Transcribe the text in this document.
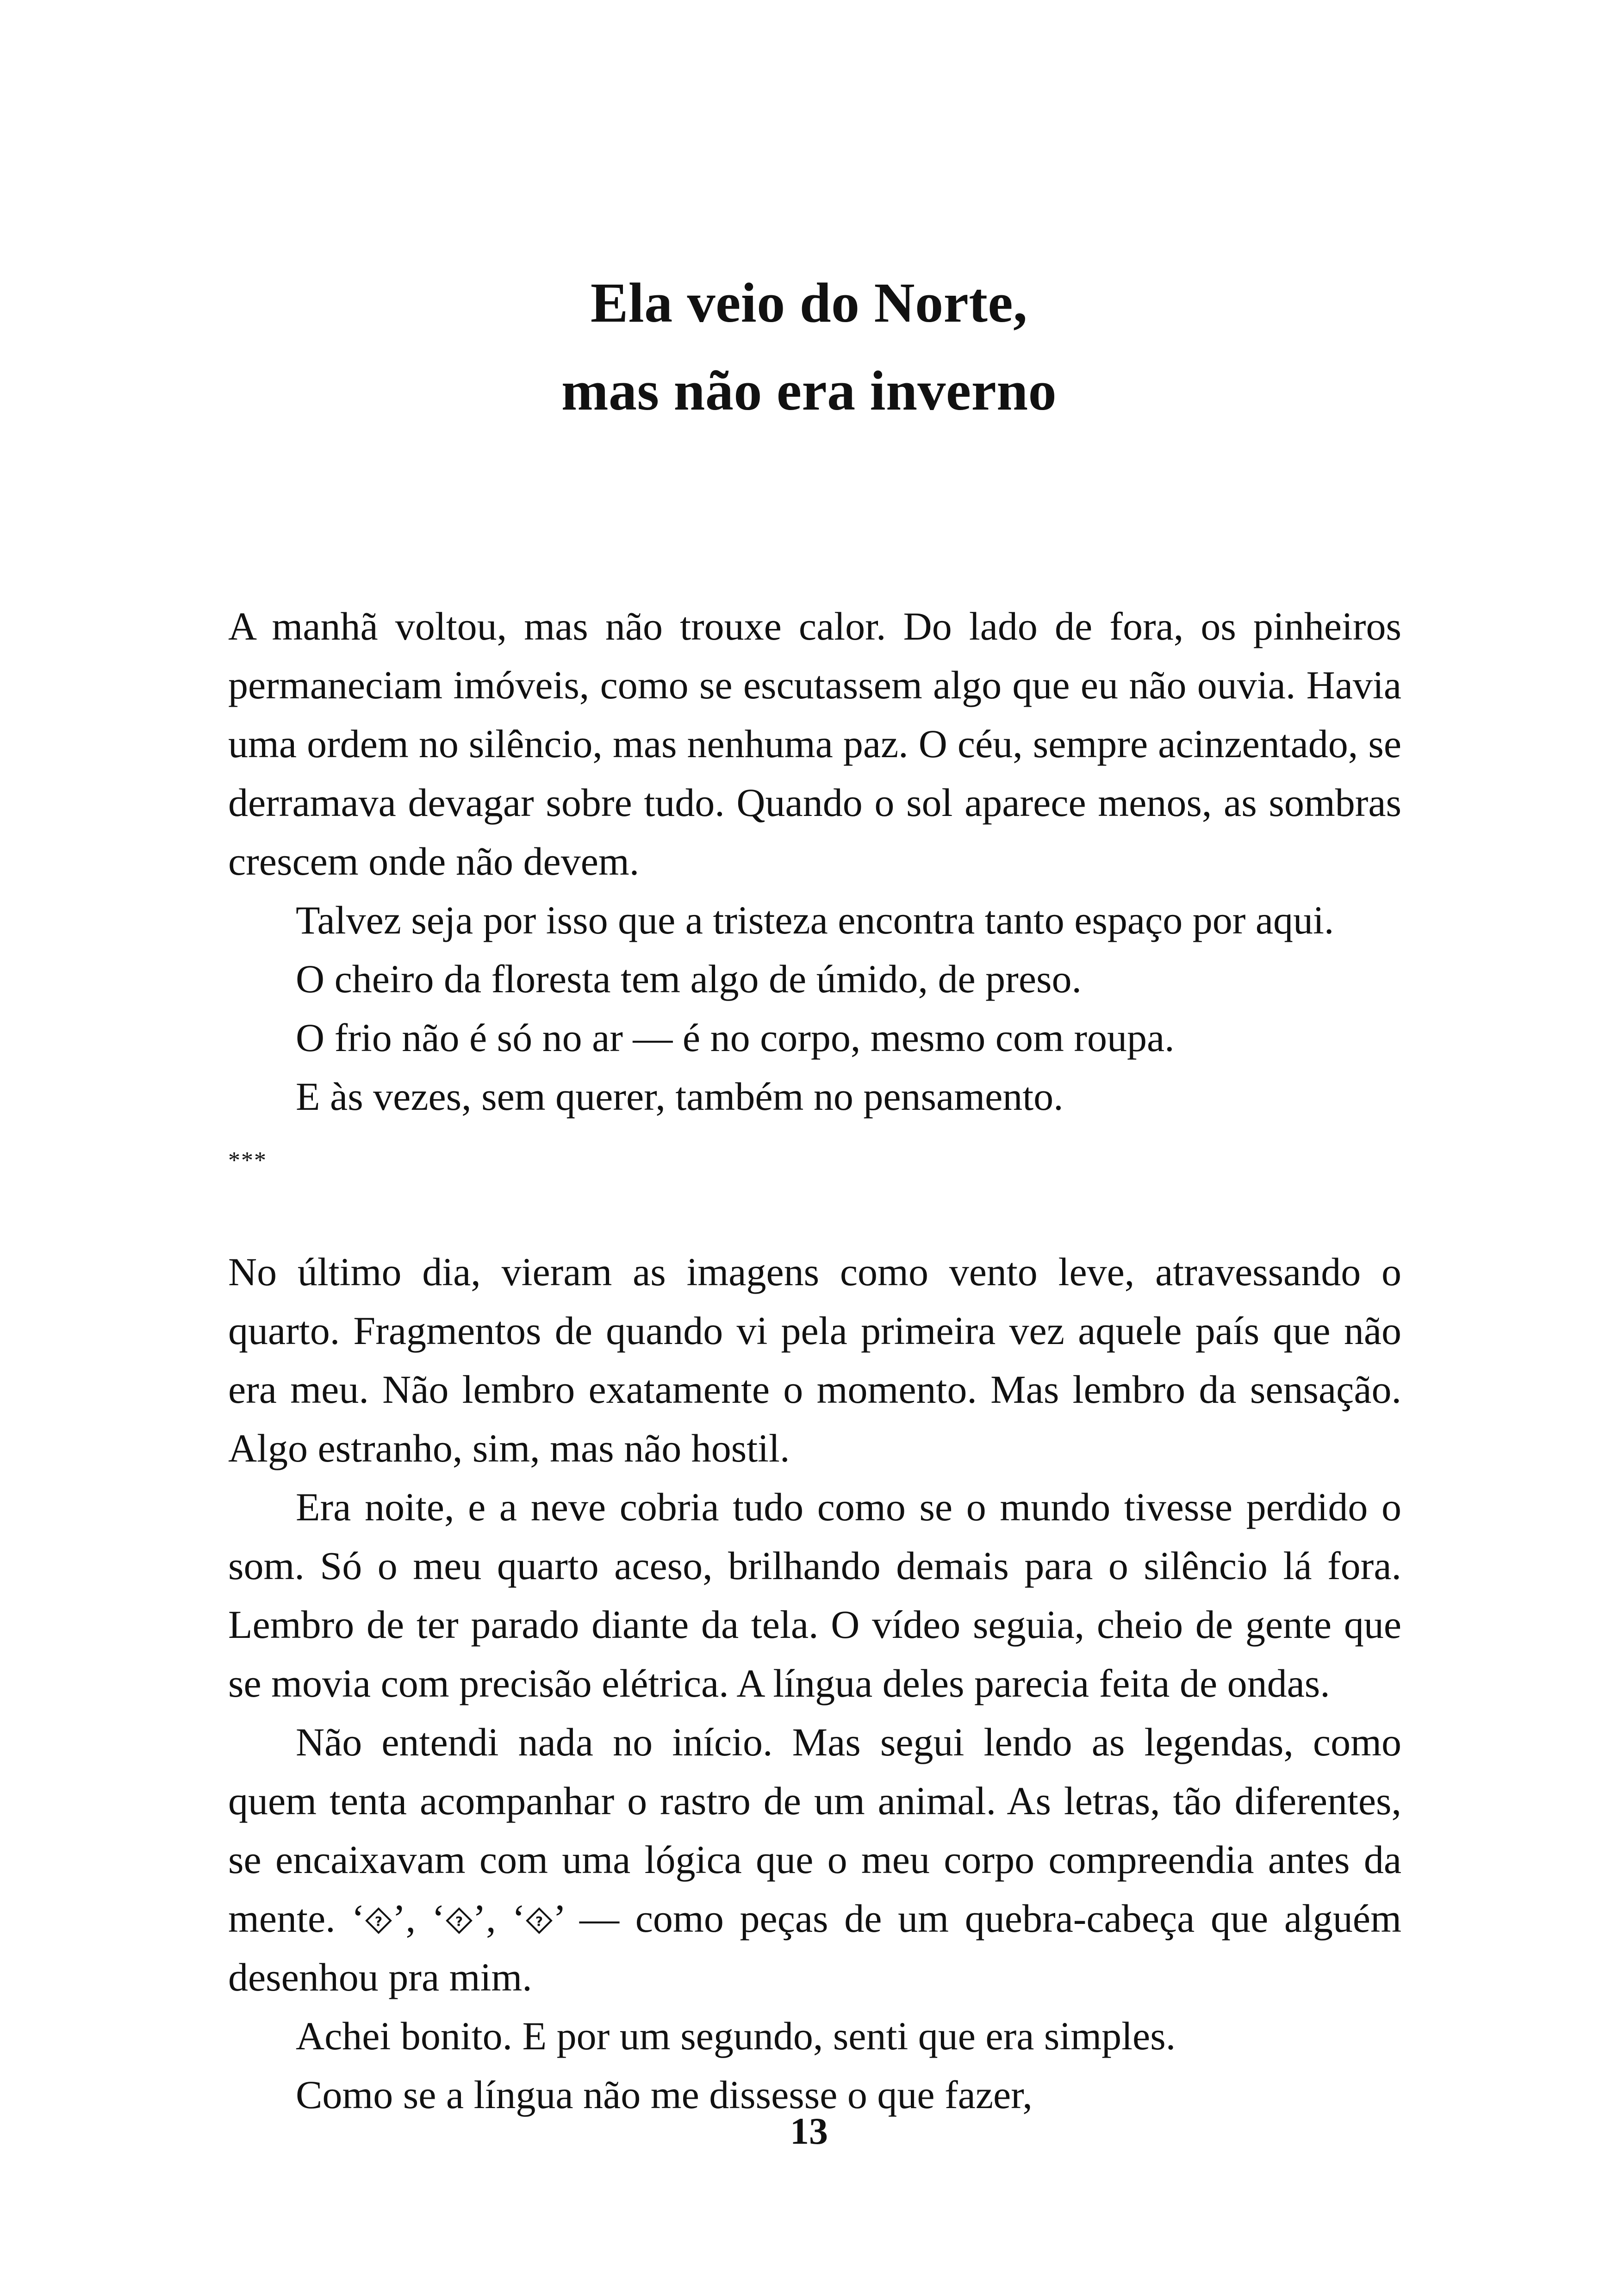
Ela veio do Norte,

mas não era inverno

A manhã voltou, mas não trouxe calor. Do lado de fora, os pinheiros permaneciam imóveis, como se escutassem algo que eu não ouvia. Havia uma ordem no silêncio, mas nenhuma paz. O céu, sempre acinzentado, se derramava devagar sobre tudo. Quando o sol aparece menos, as sombras crescem onde não devem.

Talvez seja por isso que a tristeza encontra tanto espaço por aqui.

O cheiro da floresta tem algo de úmido, de preso.

O frio não é só no ar — é no corpo, mesmo com roupa.

E às vezes, sem querer, também no pensamento.

***

No último dia, vieram as imagens como vento leve, atravessando o quarto. Fragmentos de quando vi pela primeira vez aquele país que não era meu. Não lembro exatamente o momento. Mas lembro da sensação. Algo estranho, sim, mas não hostil.

Era noite, e a neve cobria tudo como se o mundo tivesse perdido o som. Só o meu quarto aceso, brilhando demais para o silêncio lá fora. Lembro de ter parado diante da tela. O vídeo seguia, cheio de gente que se movia com precisão elétrica. A língua deles parecia feita de ondas.

Não entendi nada no início. Mas segui lendo as legendas, como quem tenta acompanhar o rastro de um animal. As letras, tão diferentes, se encaixavam com uma lógica que o meu corpo compreendia antes da mente. ‘ ? ’, ‘ ? ’, ‘ ? ’ — como peças de um quebra-cabeça que alguém desenhou pra mim.

Achei bonito. E por um segundo, senti que era simples.

Como se a língua não me dissesse o que fazer,

13
